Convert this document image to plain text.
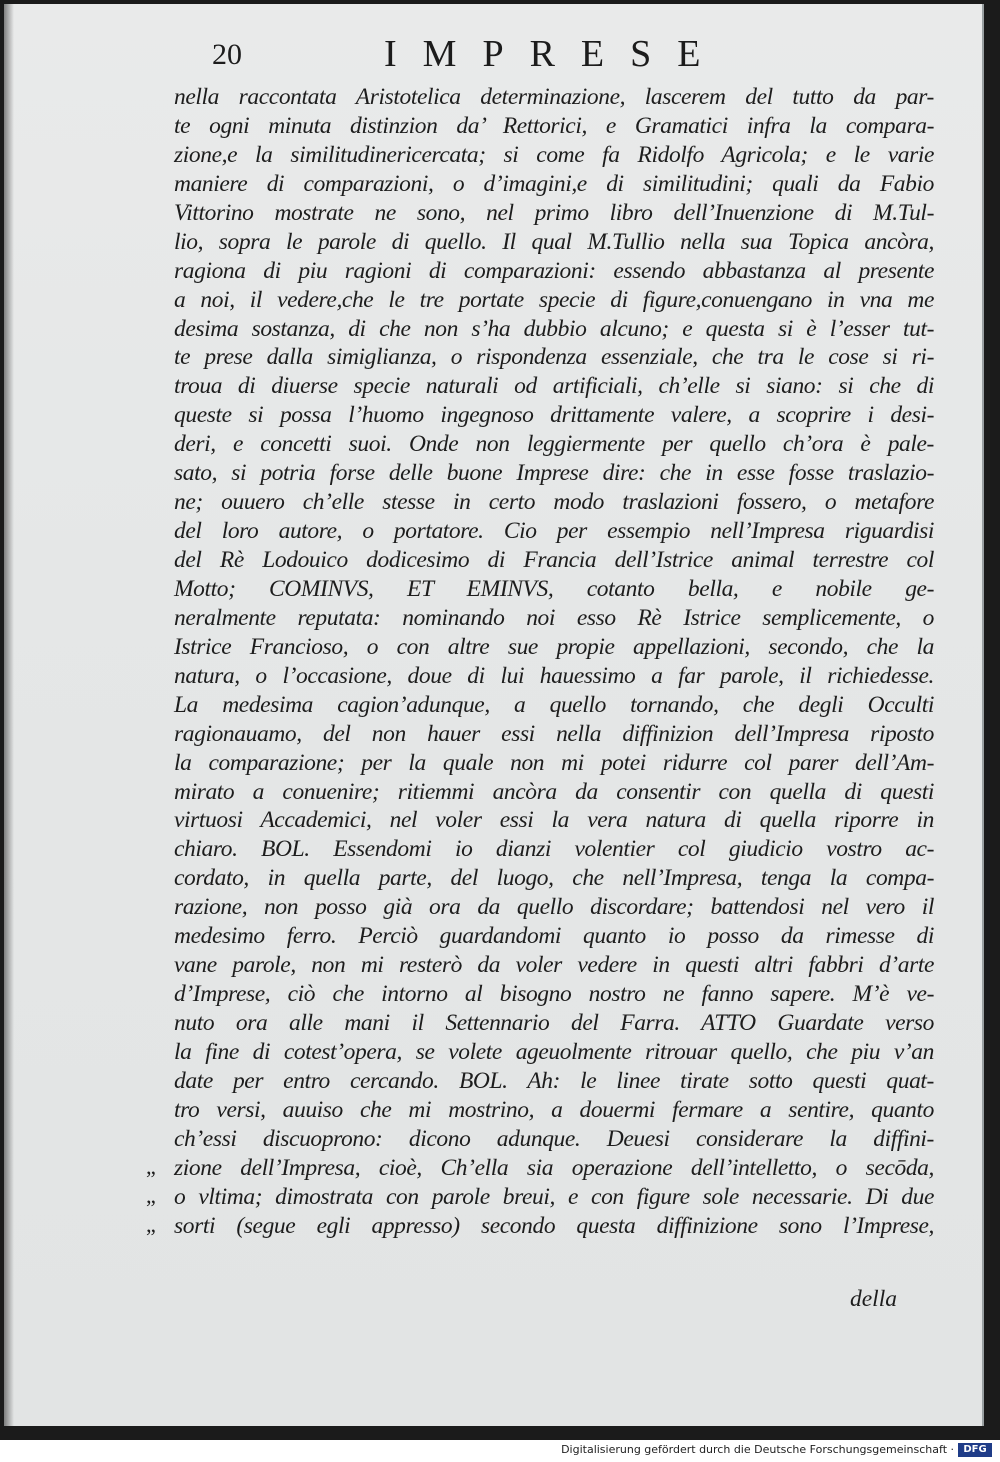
20	IMPRESE
nella raccontata Aristotelica determinazione, lascerem del tutto da par-
te ogni minuta distinzion da’ Rettorici, e Gramatici infra la compara-
zione,e la similitudinericercata; si come fa Ridolfo Agricola; e le varie
maniere di comparazioni, o d’imagini,e di similitudini; quali da Fabio
Vittorino mostrate ne sono, nel primo libro dell’Inuenzione di M.Tul-
lio, sopra le parole di quello. Il qual M.Tullio nella sua Topica ancòra,
ragiona di piu ragioni di comparazioni: essendo abbastanza al presente
a noi, il vedere,che le tre portate specie di figure,conuengano in vna me
desima sostanza, di che non s’ha dubbio alcuno; e questa si è l’esser tut-
te prese dalla simiglianza, o rispondenza essenziale, che tra le cose si ri-
troua di diuerse specie naturali od artificiali, ch’elle si siano: si che di
queste si possa l’huomo ingegnoso drittamente valere, a scoprire i desi-
deri, e concetti suoi. Onde non leggiermente per quello ch’ora è pale-
sato, si potria forse delle buone Imprese dire: che in esse fosse traslazio-
ne; ouuero ch’elle stesse in certo modo traslazioni fossero, o metafore
del loro autore, o portatore. Cio per essempio nell’Impresa riguardisi
del Rè Lodouico dodicesimo di Francia dell’Istrice animal terrestre col
Motto; COMINVS, ET EMINVS, cotanto bella, e nobile ge-
neralmente reputata: nominando noi esso Rè Istrice semplicemente, o
Istrice Francioso, o con altre sue propie appellazioni, secondo, che la
natura, o l’occasione, doue di lui hauessimo a far parole, il richiedesse.
La medesima cagion’adunque, a quello tornando, che degli Occulti
ragionauamo, del non hauer essi nella diffinizion dell’Impresa riposto
la comparazione; per la quale non mi potei ridurre col parer dell’Am-
mirato a conuenire; ritiemmi ancòra da consentir con quella di questi
virtuosi Accademici, nel voler essi la vera natura di quella riporre in
chiaro. BOL. Essendomi io dianzi volentier col giudicio vostro ac-
cordato, in quella parte, del luogo, che nell’Impresa, tenga la compa-
razione, non posso già ora da quello discordare; battendosi nel vero il
medesimo ferro. Perciò guardandomi quanto io posso da rimesse di
vane parole, non mi resterò da voler vedere in questi altri fabbri d’arte
d’Imprese, ciò che intorno al bisogno nostro ne fanno sapere. M’è ve-
nuto ora alle mani il Settennario del Farra. ATTO Guardate verso
la fine di cotest’opera, se volete ageuolmente ritrouar quello, che piu v’an
date per entro cercando. BOL. Ah: le linee tirate sotto questi quat-
tro versi, auuiso che mi mostrino, a douermi fermare a sentire, quanto
ch’essi discuoprono: dicono adunque. Deuesi considerare la diffini-
„ zione dell’Impresa, cioè, Ch’ella sia operazione dell’intelletto, o secōda,
„ o vltima; dimostrata con parole breui, e con figure sole necessarie. Di due
„ sorti (segue egli appresso) secondo questa diffinizione sono l’Imprese,
della
Digitalisierung gefördert durch die Deutsche Forschungsgemeinschaft · DFG
